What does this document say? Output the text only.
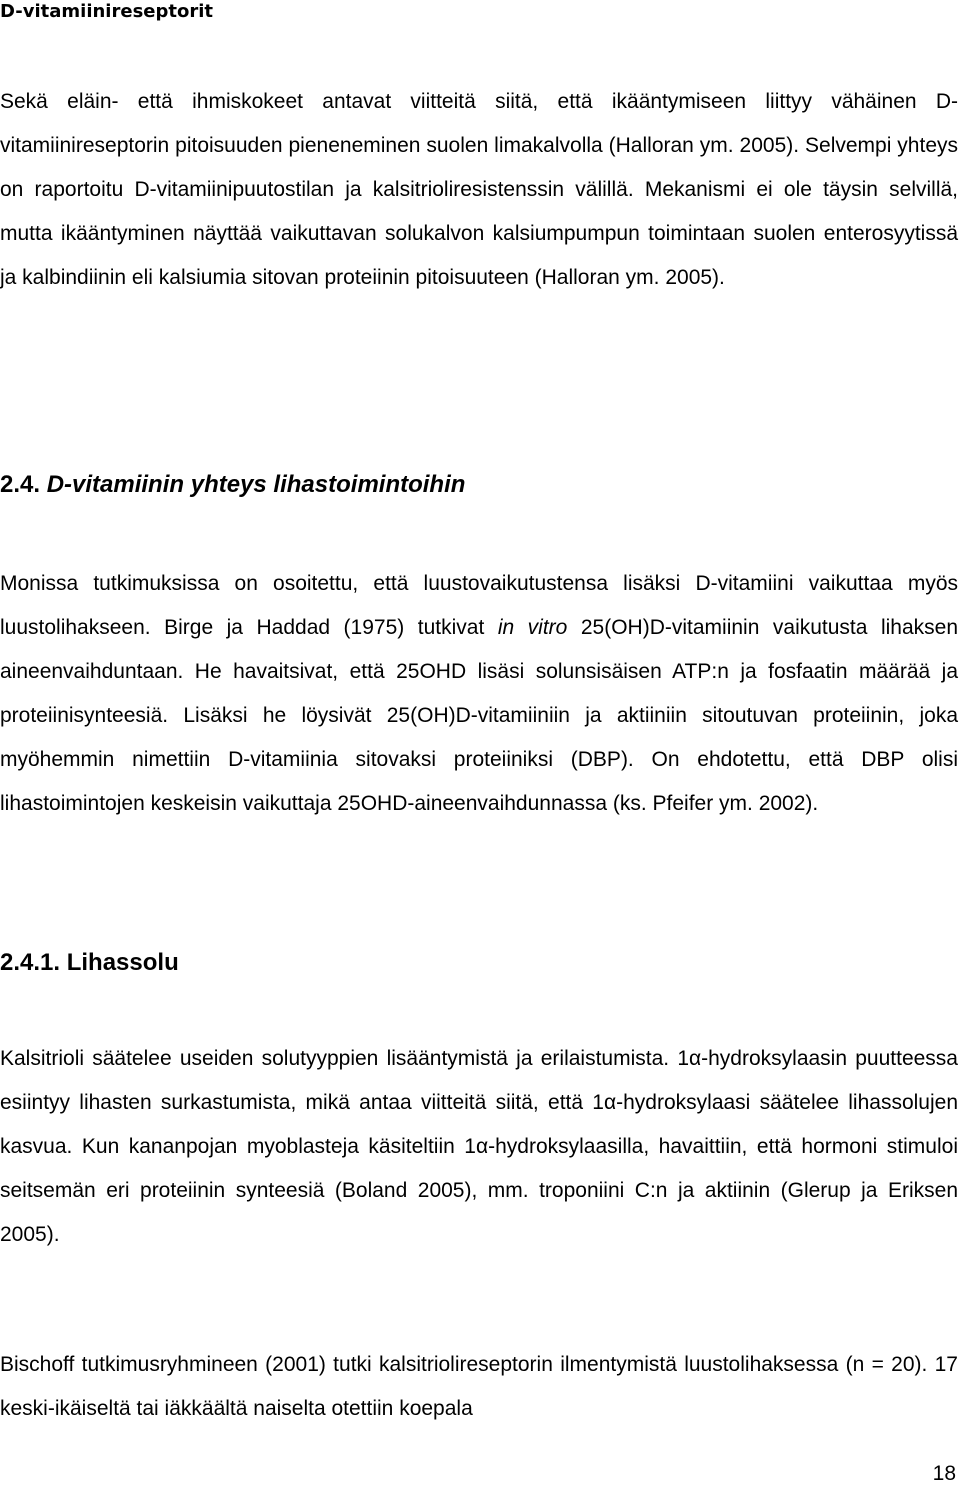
D-vitamiinireseptorit

Sekä eläin- että ihmiskokeet antavat viitteitä siitä, että ikääntymiseen liittyy vähäinen D-vitamiinireseptorin pitoisuuden pieneneminen suolen limakalvolla (Halloran ym. 2005). Selvempi yhteys on raportoitu D-vitamiinipuutostilan ja kalsitrioliresistenssin välillä. Mekanismi ei ole täysin selvillä, mutta ikääntyminen näyttää vaikuttavan solukalvon kalsiumpumpun toimintaan suolen enterosyytissä ja kalbindiinin eli kalsiumia sitovan proteiinin pitoisuuteen (Halloran ym. 2005).

2.4. D-vitamiinin yhteys lihastoimintoihin

Monissa tutkimuksissa on osoitettu, että luustovaikutustensa lisäksi D-vitamiini vaikuttaa myös luustolihakseen. Birge ja Haddad (1975) tutkivat in vitro 25(OH)D-vitamiinin vaikutusta lihaksen aineenvaihduntaan. He havaitsivat, että 25OHD lisäsi solunsisäisen ATP:n ja fosfaatin määrää ja proteiinisynteesiä. Lisäksi he löysivät 25(OH)D-vitamiiniin ja aktiiniin sitoutuvan proteiinin, joka myöhemmin nimettiin D-vitamiinia sitovaksi proteiiniksi (DBP). On ehdotettu, että DBP olisi lihastoimintojen keskeisin vaikuttaja 25OHD-aineenvaihdunnassa (ks. Pfeifer ym. 2002).

2.4.1. Lihassolu

Kalsitrioli säätelee useiden solutyyppien lisääntymistä ja erilaistumista. 1α-hydroksylaasin puutteessa esiintyy lihasten surkastumista, mikä antaa viitteitä siitä, että 1α-hydroksylaasi säätelee lihassolujen kasvua. Kun kananpojan myoblasteja käsiteltiin 1α-hydroksylaasilla, havaittiin, että hormoni stimuloi seitsemän eri proteiinin synteesiä (Boland 2005), mm. troponiini C:n ja aktiinin (Glerup ja Eriksen 2005).

Bischoff tutkimusryhmineen (2001) tutki kalsitriolireseptorin ilmentymistä luustolihaksessa (n = 20). 17 keski-ikäiseltä tai iäkkäältä naiselta otettiin koepala

18
